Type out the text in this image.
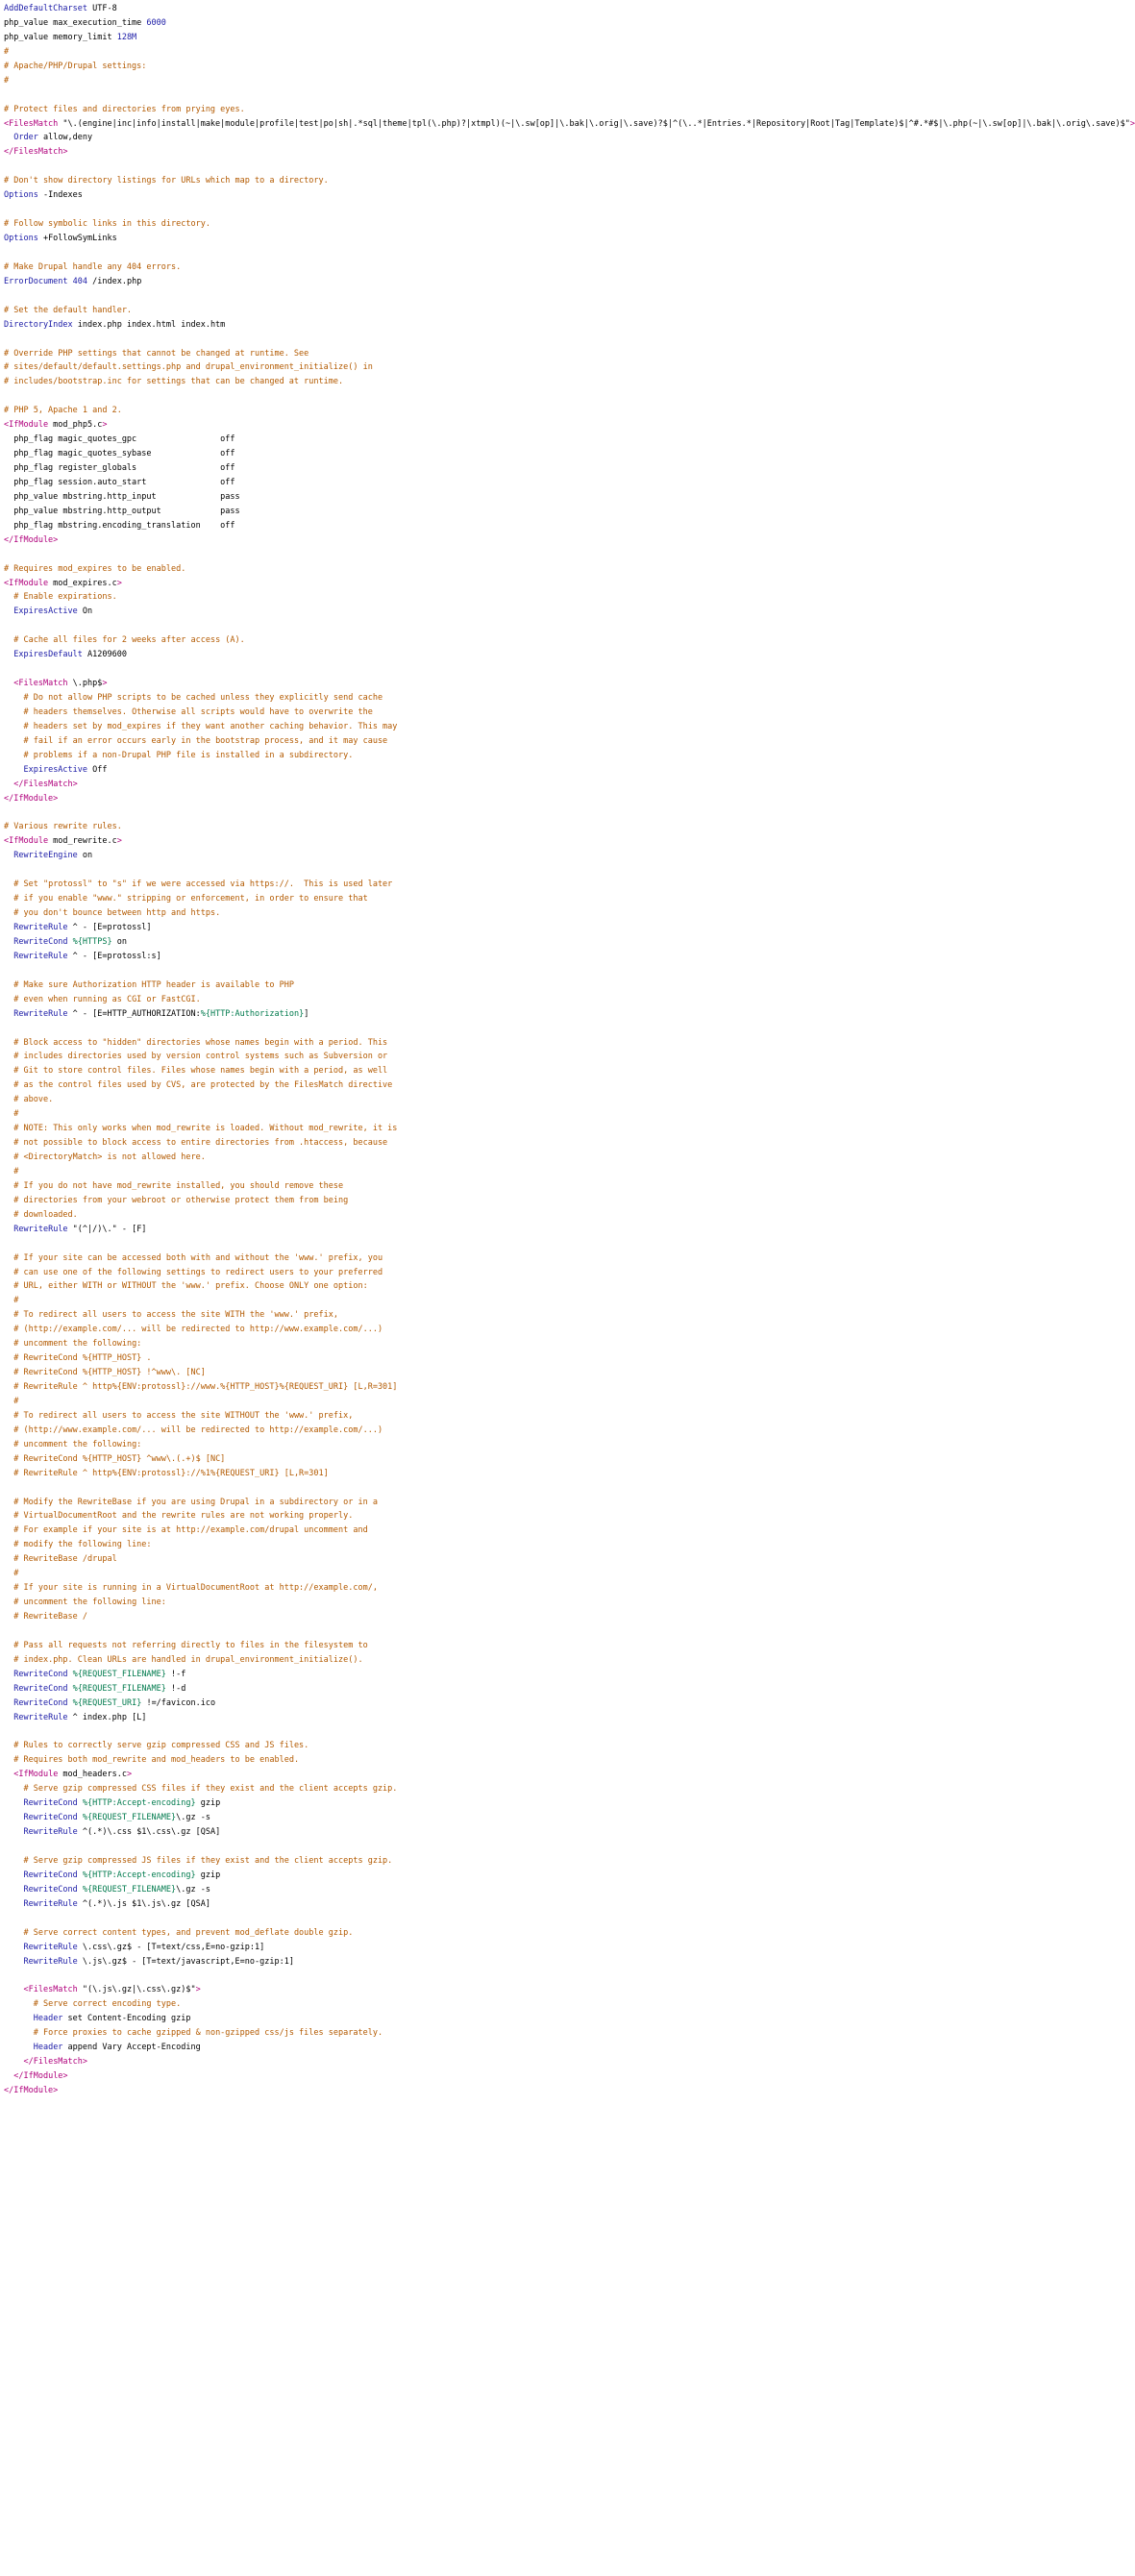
AddDefaultCharset UTF-8
php_value max_execution_time 6000
php_value memory_limit 128M
#
# Apache/PHP/Drupal settings:
#

# Protect files and directories from prying eyes.
<FilesMatch "\.(engine|inc|info|install|make|module|profile|test|po|sh|.*sql|theme|tpl(\.php)?|xtmpl)(~|\.sw[op]|\.bak|\.orig|\.save)?$|^(\..*|Entries.*|Repository|Root|Tag|Template)$|^#.*#$|\.php(~|\.sw[op]|\.bak|\.orig\.save)$">
Order allow,deny
</FilesMatch>

# Don't show directory listings for URLs which map to a directory.
Options -Indexes

# Follow symbolic links in this directory.
Options +FollowSymLinks

# Make Drupal handle any 404 errors.
ErrorDocument 404 /index.php

# Set the default handler.
DirectoryIndex index.php index.html index.htm

# Override PHP settings that cannot be changed at runtime. See
# sites/default/default.settings.php and drupal_environment_initialize() in
# includes/bootstrap.inc for settings that can be changed at runtime.

# PHP 5, Apache 1 and 2.
<IfModule mod_php5.c>
php_flag magic_quotes_gpc                 off
php_flag magic_quotes_sybase              off
php_flag register_globals                 off
php_flag session.auto_start               off
php_value mbstring.http_input             pass
php_value mbstring.http_output            pass
php_flag mbstring.encoding_translation    off
</IfModule>

# Requires mod_expires to be enabled.
<IfModule mod_expires.c>
# Enable expirations.
ExpiresActive On

# Cache all files for 2 weeks after access (A).
ExpiresDefault A1209600

<FilesMatch \.php$>
# Do not allow PHP scripts to be cached unless they explicitly send cache
# headers themselves. Otherwise all scripts would have to overwrite the
# headers set by mod_expires if they want another caching behavior. This may
# fail if an error occurs early in the bootstrap process, and it may cause
# problems if a non-Drupal PHP file is installed in a subdirectory.
ExpiresActive Off
</FilesMatch>
</IfModule>

# Various rewrite rules.
<IfModule mod_rewrite.c>
RewriteEngine on

# Set "protossl" to "s" if we were accessed via https://.  This is used later
# if you enable "www." stripping or enforcement, in order to ensure that
# you don't bounce between http and https.
RewriteRule ^ - [E=protossl]
RewriteCond %{HTTPS} on
RewriteRule ^ - [E=protossl:s]

# Make sure Authorization HTTP header is available to PHP
# even when running as CGI or FastCGI.
RewriteRule ^ - [E=HTTP_AUTHORIZATION:%{HTTP:Authorization}]

# Block access to "hidden" directories whose names begin with a period. This
# includes directories used by version control systems such as Subversion or
# Git to store control files. Files whose names begin with a period, as well
# as the control files used by CVS, are protected by the FilesMatch directive
# above.
#
# NOTE: This only works when mod_rewrite is loaded. Without mod_rewrite, it is
# not possible to block access to entire directories from .htaccess, because
# <DirectoryMatch> is not allowed here.
#
# If you do not have mod_rewrite installed, you should remove these
# directories from your webroot or otherwise protect them from being
# downloaded.
RewriteRule "(^|/)\." - [F]

# If your site can be accessed both with and without the 'www.' prefix, you
# can use one of the following settings to redirect users to your preferred
# URL, either WITH or WITHOUT the 'www.' prefix. Choose ONLY one option:
#
# To redirect all users to access the site WITH the 'www.' prefix,
# (http://example.com/... will be redirected to http://www.example.com/...)
# uncomment the following:
# RewriteCond %{HTTP_HOST} .
# RewriteCond %{HTTP_HOST} !^www\. [NC]
# RewriteRule ^ http%{ENV:protossl}://www.%{HTTP_HOST}%{REQUEST_URI} [L,R=301]
#
# To redirect all users to access the site WITHOUT the 'www.' prefix,
# (http://www.example.com/... will be redirected to http://example.com/...)
# uncomment the following:
# RewriteCond %{HTTP_HOST} ^www\.(.+)$ [NC]
# RewriteRule ^ http%{ENV:protossl}://%1%{REQUEST_URI} [L,R=301]

# Modify the RewriteBase if you are using Drupal in a subdirectory or in a
# VirtualDocumentRoot and the rewrite rules are not working properly.
# For example if your site is at http://example.com/drupal uncomment and
# modify the following line:
# RewriteBase /drupal
#
# If your site is running in a VirtualDocumentRoot at http://example.com/,
# uncomment the following line:
# RewriteBase /

# Pass all requests not referring directly to files in the filesystem to
# index.php. Clean URLs are handled in drupal_environment_initialize().
RewriteCond %{REQUEST_FILENAME} !-f
RewriteCond %{REQUEST_FILENAME} !-d
RewriteCond %{REQUEST_URI} !=/favicon.ico
RewriteRule ^ index.php [L]

# Rules to correctly serve gzip compressed CSS and JS files.
# Requires both mod_rewrite and mod_headers to be enabled.
<IfModule mod_headers.c>
# Serve gzip compressed CSS files if they exist and the client accepts gzip.
RewriteCond %{HTTP:Accept-encoding} gzip
RewriteCond %{REQUEST_FILENAME}\.gz -s
RewriteRule ^(.*)\.css $1\.css\.gz [QSA]

# Serve gzip compressed JS files if they exist and the client accepts gzip.
RewriteCond %{HTTP:Accept-encoding} gzip
RewriteCond %{REQUEST_FILENAME}\.gz -s
RewriteRule ^(.*)\.js $1\.js\.gz [QSA]

# Serve correct content types, and prevent mod_deflate double gzip.
RewriteRule \.css\.gz$ - [T=text/css,E=no-gzip:1]
RewriteRule \.js\.gz$ - [T=text/javascript,E=no-gzip:1]

<FilesMatch "(\.js\.gz|\.css\.gz)$">
# Serve correct encoding type.
Header set Content-Encoding gzip
# Force proxies to cache gzipped & non-gzipped css/js files separately.
Header append Vary Accept-Encoding
</FilesMatch>
</IfModule>
</IfModule>
